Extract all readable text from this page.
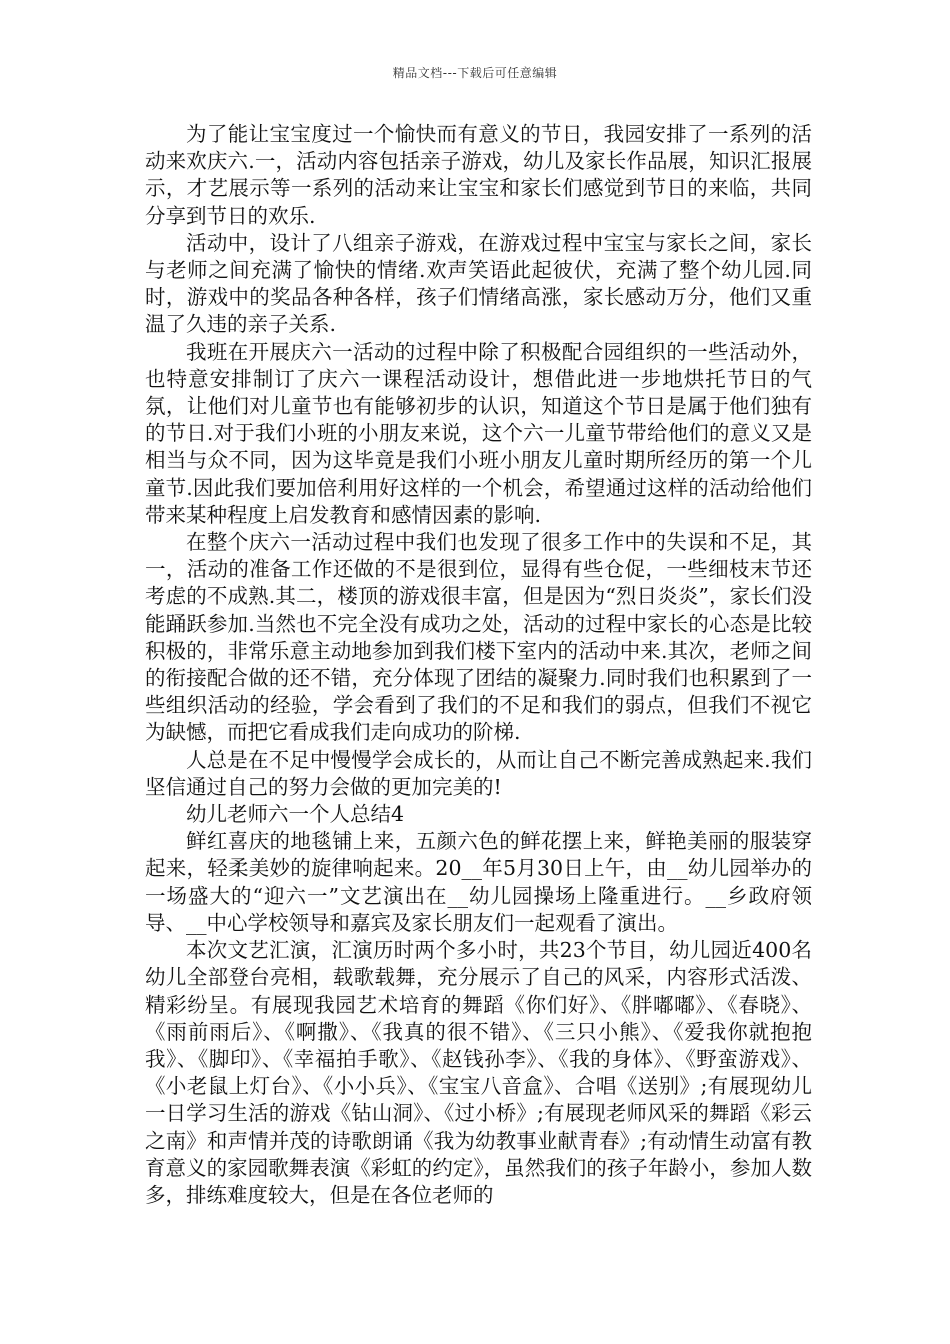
精品文档---下载后可任意编辑

为了能让宝宝度过一个愉快而有意义的节日，我园安排了一系列的活动来欢庆六.一，活动内容包括亲子游戏，幼儿及家长作品展，知识汇报展示，才艺展示等一系列的活动来让宝宝和家长们感觉到节日的来临，共同分享到节日的欢乐.

活动中，设计了八组亲子游戏，在游戏过程中宝宝与家长之间，家长与老师之间充满了愉快的情绪.欢声笑语此起彼伏，充满了整个幼儿园.同时，游戏中的奖品各种各样，孩子们情绪高涨，家长感动万分，他们又重温了久违的亲子关系.

我班在开展庆六一活动的过程中除了积极配合园组织的一些活动外，也特意安排制订了庆六一课程活动设计，想借此进一步地烘托节日的气氛，让他们对儿童节也有能够初步的认识，知道这个节日是属于他们独有的节日.对于我们小班的小朋友来说，这个六一儿童节带给他们的意义又是相当与众不同，因为这毕竟是我们小班小朋友儿童时期所经历的第一个儿童节.因此我们要加倍利用好这样的一个机会，希望通过这样的活动给他们带来某种程度上启发教育和感情因素的影响.

在整个庆六一活动过程中我们也发现了很多工作中的失误和不足，其一，活动的准备工作还做的不是很到位，显得有些仓促，一些细枝末节还考虑的不成熟.其二，楼顶的游戏很丰富，但是因为“烈日炎炎”，家长们没能踊跃参加.当然也不完全没有成功之处，活动的过程中家长的心态是比较积极的，非常乐意主动地参加到我们楼下室内的活动中来.其次，老师之间的衔接配合做的还不错，充分体现了团结的凝聚力.同时我们也积累到了一些组织活动的经验，学会看到了我们的不足和我们的弱点，但我们不视它为缺憾，而把它看成我们走向成功的阶梯.

人总是在不足中慢慢学会成长的，从而让自己不断完善成熟起来.我们坚信通过自己的努力会做的更加完美的!

幼儿老师六一个人总结4

鲜红喜庆的地毯铺上来，五颜六色的鲜花摆上来，鲜艳美丽的服装穿起来，轻柔美妙的旋律响起来。20__年5月30日上午，由__幼儿园举办的一场盛大的“迎六一”文艺演出在__幼儿园操场上隆重进行。__乡政府领导、__中心学校领导和嘉宾及家长朋友们一起观看了演出。

本次文艺汇演，汇演历时两个多小时，共23个节目，幼儿园近400名幼儿全部登台亮相，载歌载舞，充分展示了自己的风采，内容形式活泼、精彩纷呈。有展现我园艺术培育的舞蹈《你们好》、《胖嘟嘟》、《春晓》、《雨前雨后》、《啊撒》、《我真的很不错》、《三只小熊》、《爱我你就抱抱我》、《脚印》、《幸福拍手歌》、《赵钱孙李》、《我的身体》、《野蛮游戏》、《小老鼠上灯台》、《小小兵》、《宝宝八音盒》、合唱《送别》;有展现幼儿一日学习生活的游戏《钻山洞》、《过小桥》;有展现老师风采的舞蹈《彩云之南》和声情并茂的诗歌朗诵《我为幼教事业献青春》;有动情生动富有教育意义的家园歌舞表演《彩虹的约定》，虽然我们的孩子年龄小，参加人数多，排练难度较大，但是在各位老师的
